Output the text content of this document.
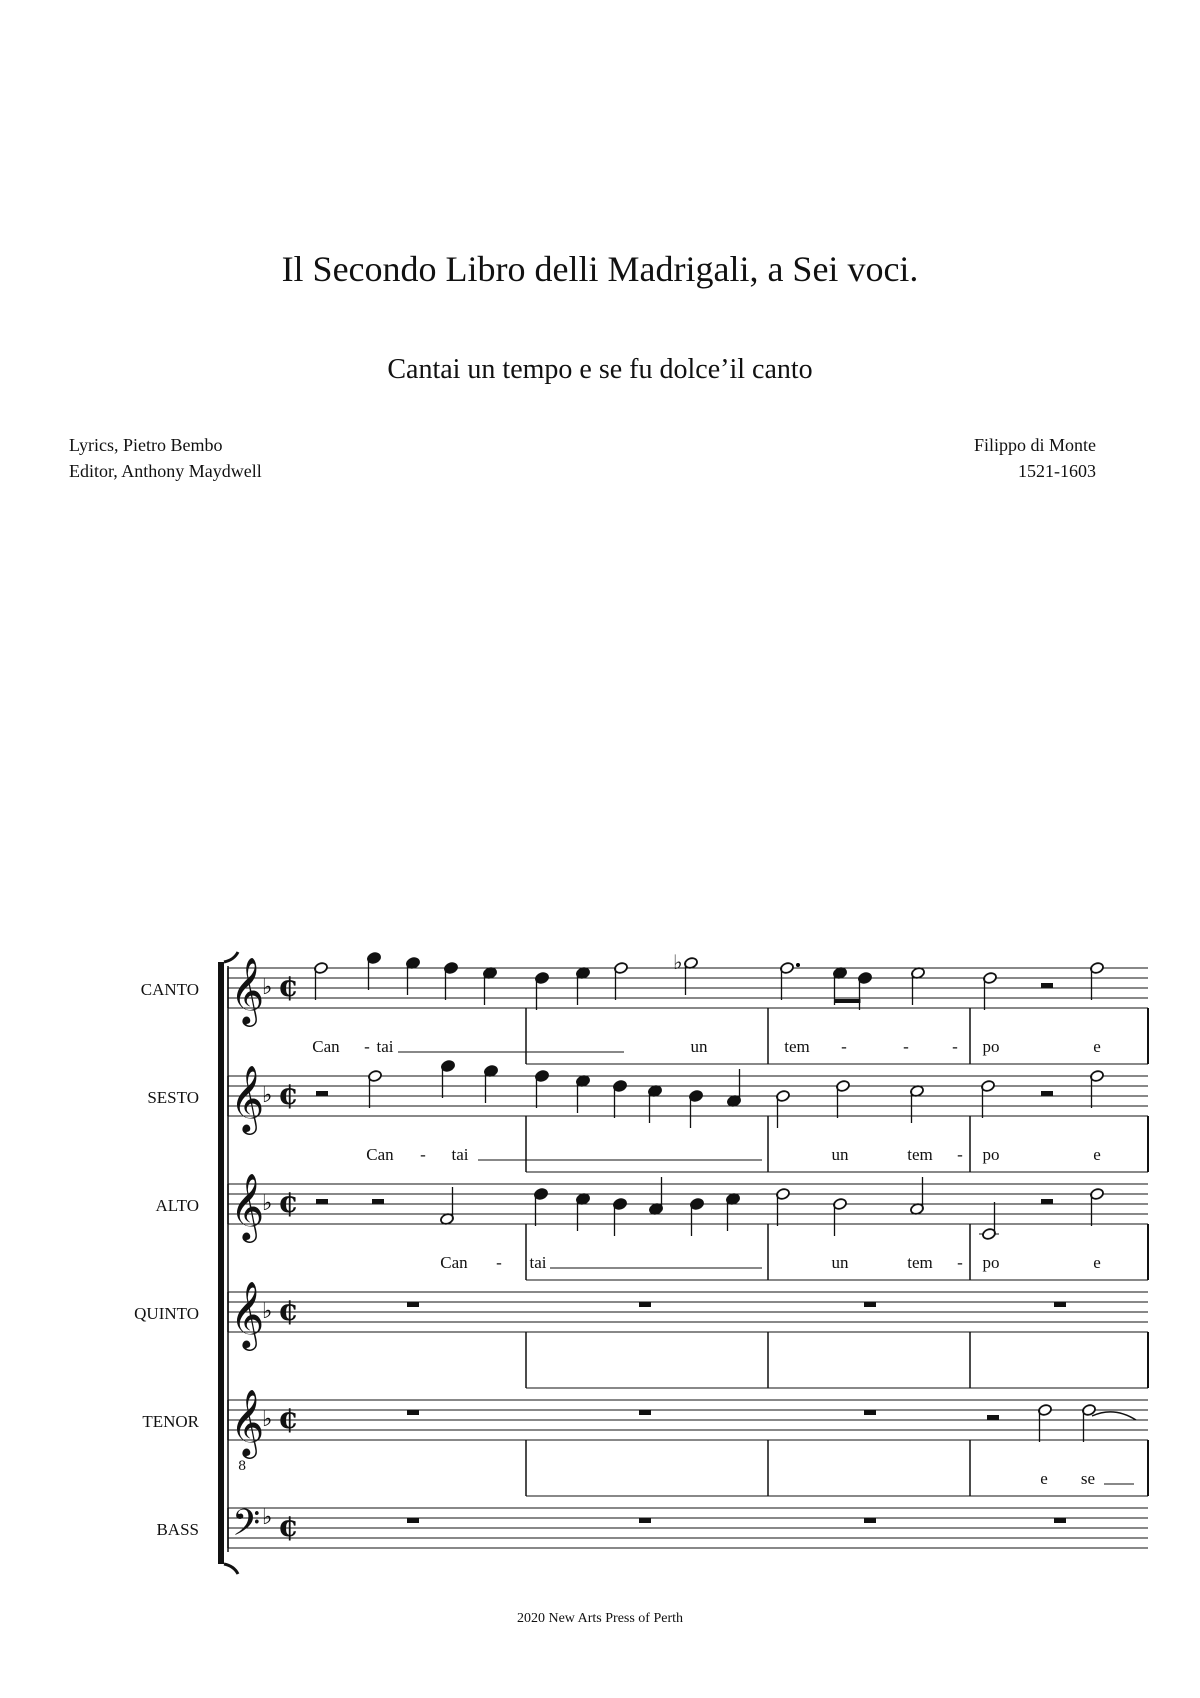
Il Secondo Libro delli Madrigali, a Sei voci.
Cantai un tempo e se fu dolce’il canto
Lyrics, Pietro Bembo
Editor, Anthony Maydwell
Filippo di Monte
1521-1603
CANTO 𝄞
♭ ¢
SESTO 𝄞
♭ ¢
ALTO 𝄞
♭ ¢
QUINTO 𝄞
♭ ¢
TENOR 𝄞
8
♭ ¢
BASS 𝄢 ♭ ¢
♭
Can - tai	un	tem -	-	- po	e
Can - tai	un	tem - po	e
Can - tai	un	tem - po	e
e se
2020 New Arts Press of Perth
